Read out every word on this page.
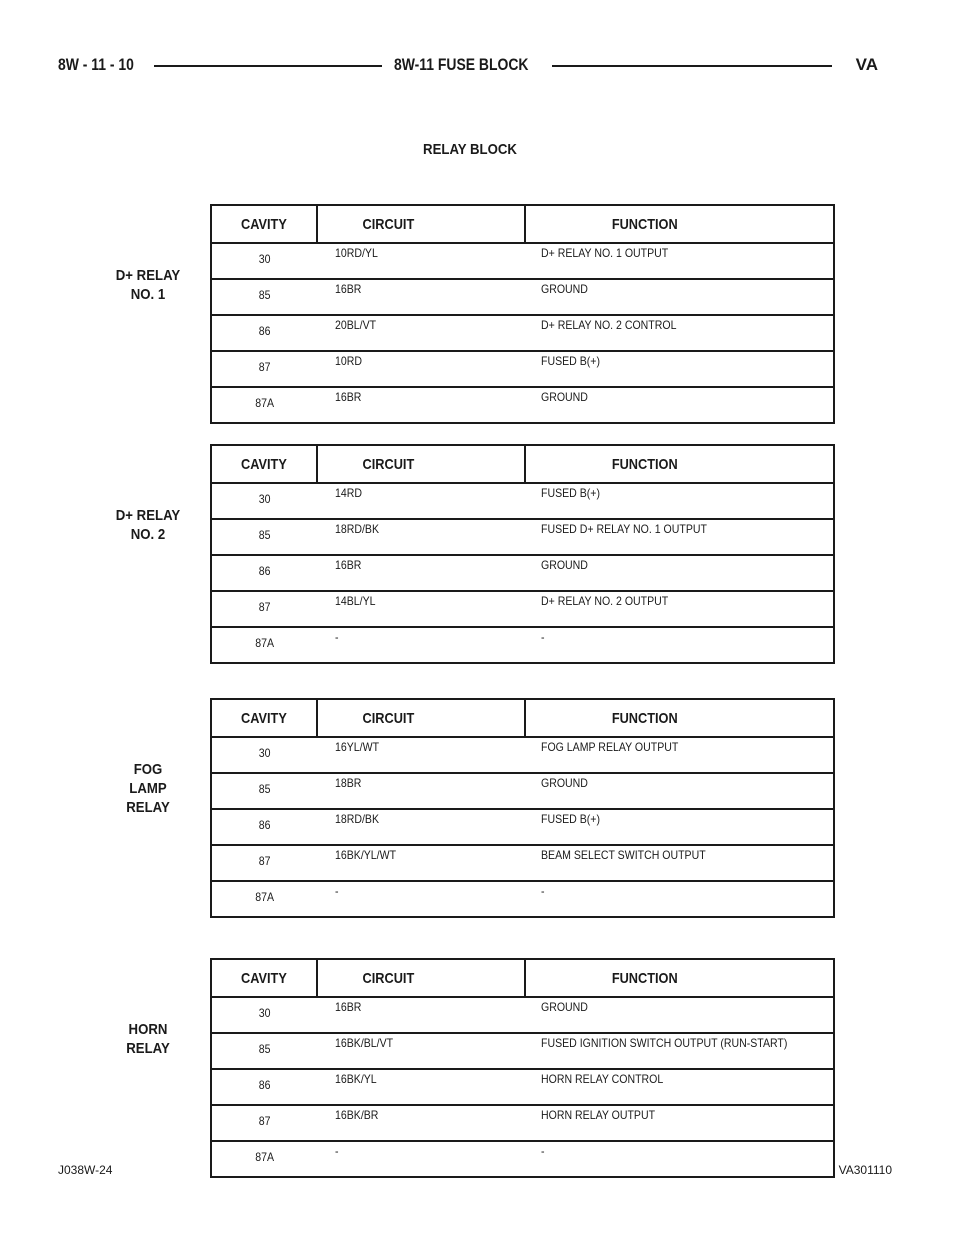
8W - 11 - 10	8W-11 FUSE BLOCK	VA
RELAY BLOCK
D+ RELAY
NO. 1
CAVITY	CIRCUIT	FUNCTION
30	10RD/YL	D+ RELAY NO. 1 OUTPUT
85	16BR	GROUND
86	20BL/VT	D+ RELAY NO. 2 CONTROL
87	10RD	FUSED B(+)
87A	16BR	GROUND
D+ RELAY
NO. 2
CAVITY	CIRCUIT	FUNCTION
30	14RD	FUSED B(+)
85	18RD/BK	FUSED D+ RELAY NO. 1 OUTPUT
86	16BR	GROUND
87	14BL/YL	D+ RELAY NO. 2 OUTPUT
87A	-	-
FOG
LAMP
RELAY
CAVITY	CIRCUIT	FUNCTION
30	16YL/WT	FOG LAMP RELAY OUTPUT
85	18BR	GROUND
86	18RD/BK	FUSED B(+)
87	16BK/YL/WT	BEAM SELECT SWITCH OUTPUT
87A	-	-
HORN
RELAY
CAVITY	CIRCUIT	FUNCTION
30	16BR	GROUND
85	16BK/BL/VT	FUSED IGNITION SWITCH OUTPUT (RUN-START)
86	16BK/YL	HORN RELAY CONTROL
87	16BK/BR	HORN RELAY OUTPUT
87A	-	-
J038W-24	VA301110
